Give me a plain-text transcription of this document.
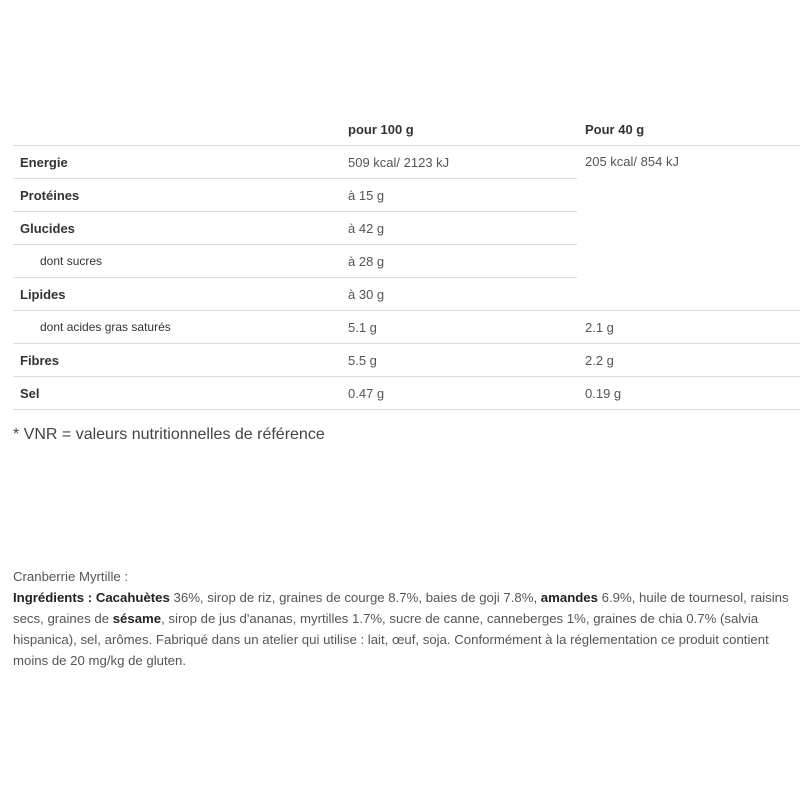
	pour 100 g	Pour 40 g
Energie	509 kcal/ 2123 kJ	205 kcal/ 854 kJ
Protéines	à 15 g	
Glucides	à 42 g	
dont sucres	à 28 g	
Lipides	à 30 g	
dont acides gras saturés	5.1 g	2.1 g
Fibres	5.5 g	2.2 g
Sel	0.47 g	0.19 g
* VNR = valeurs nutritionnelles de référence
Cranberrie Myrtille :
Ingrédients : Cacahuètes 36%, sirop de riz, graines de courge 8.7%, baies de goji 7.8%, amandes 6.9%, huile de tournesol, raisins secs, graines de sésame, sirop de jus d'ananas, myrtilles 1.7%, sucre de canne, canneberges 1%, graines de chia 0.7% (salvia hispanica), sel, arômes. Fabriqué dans un atelier qui utilise : lait, œuf, soja. Conformément à la réglementation ce produit contient moins de 20 mg/kg de gluten.
